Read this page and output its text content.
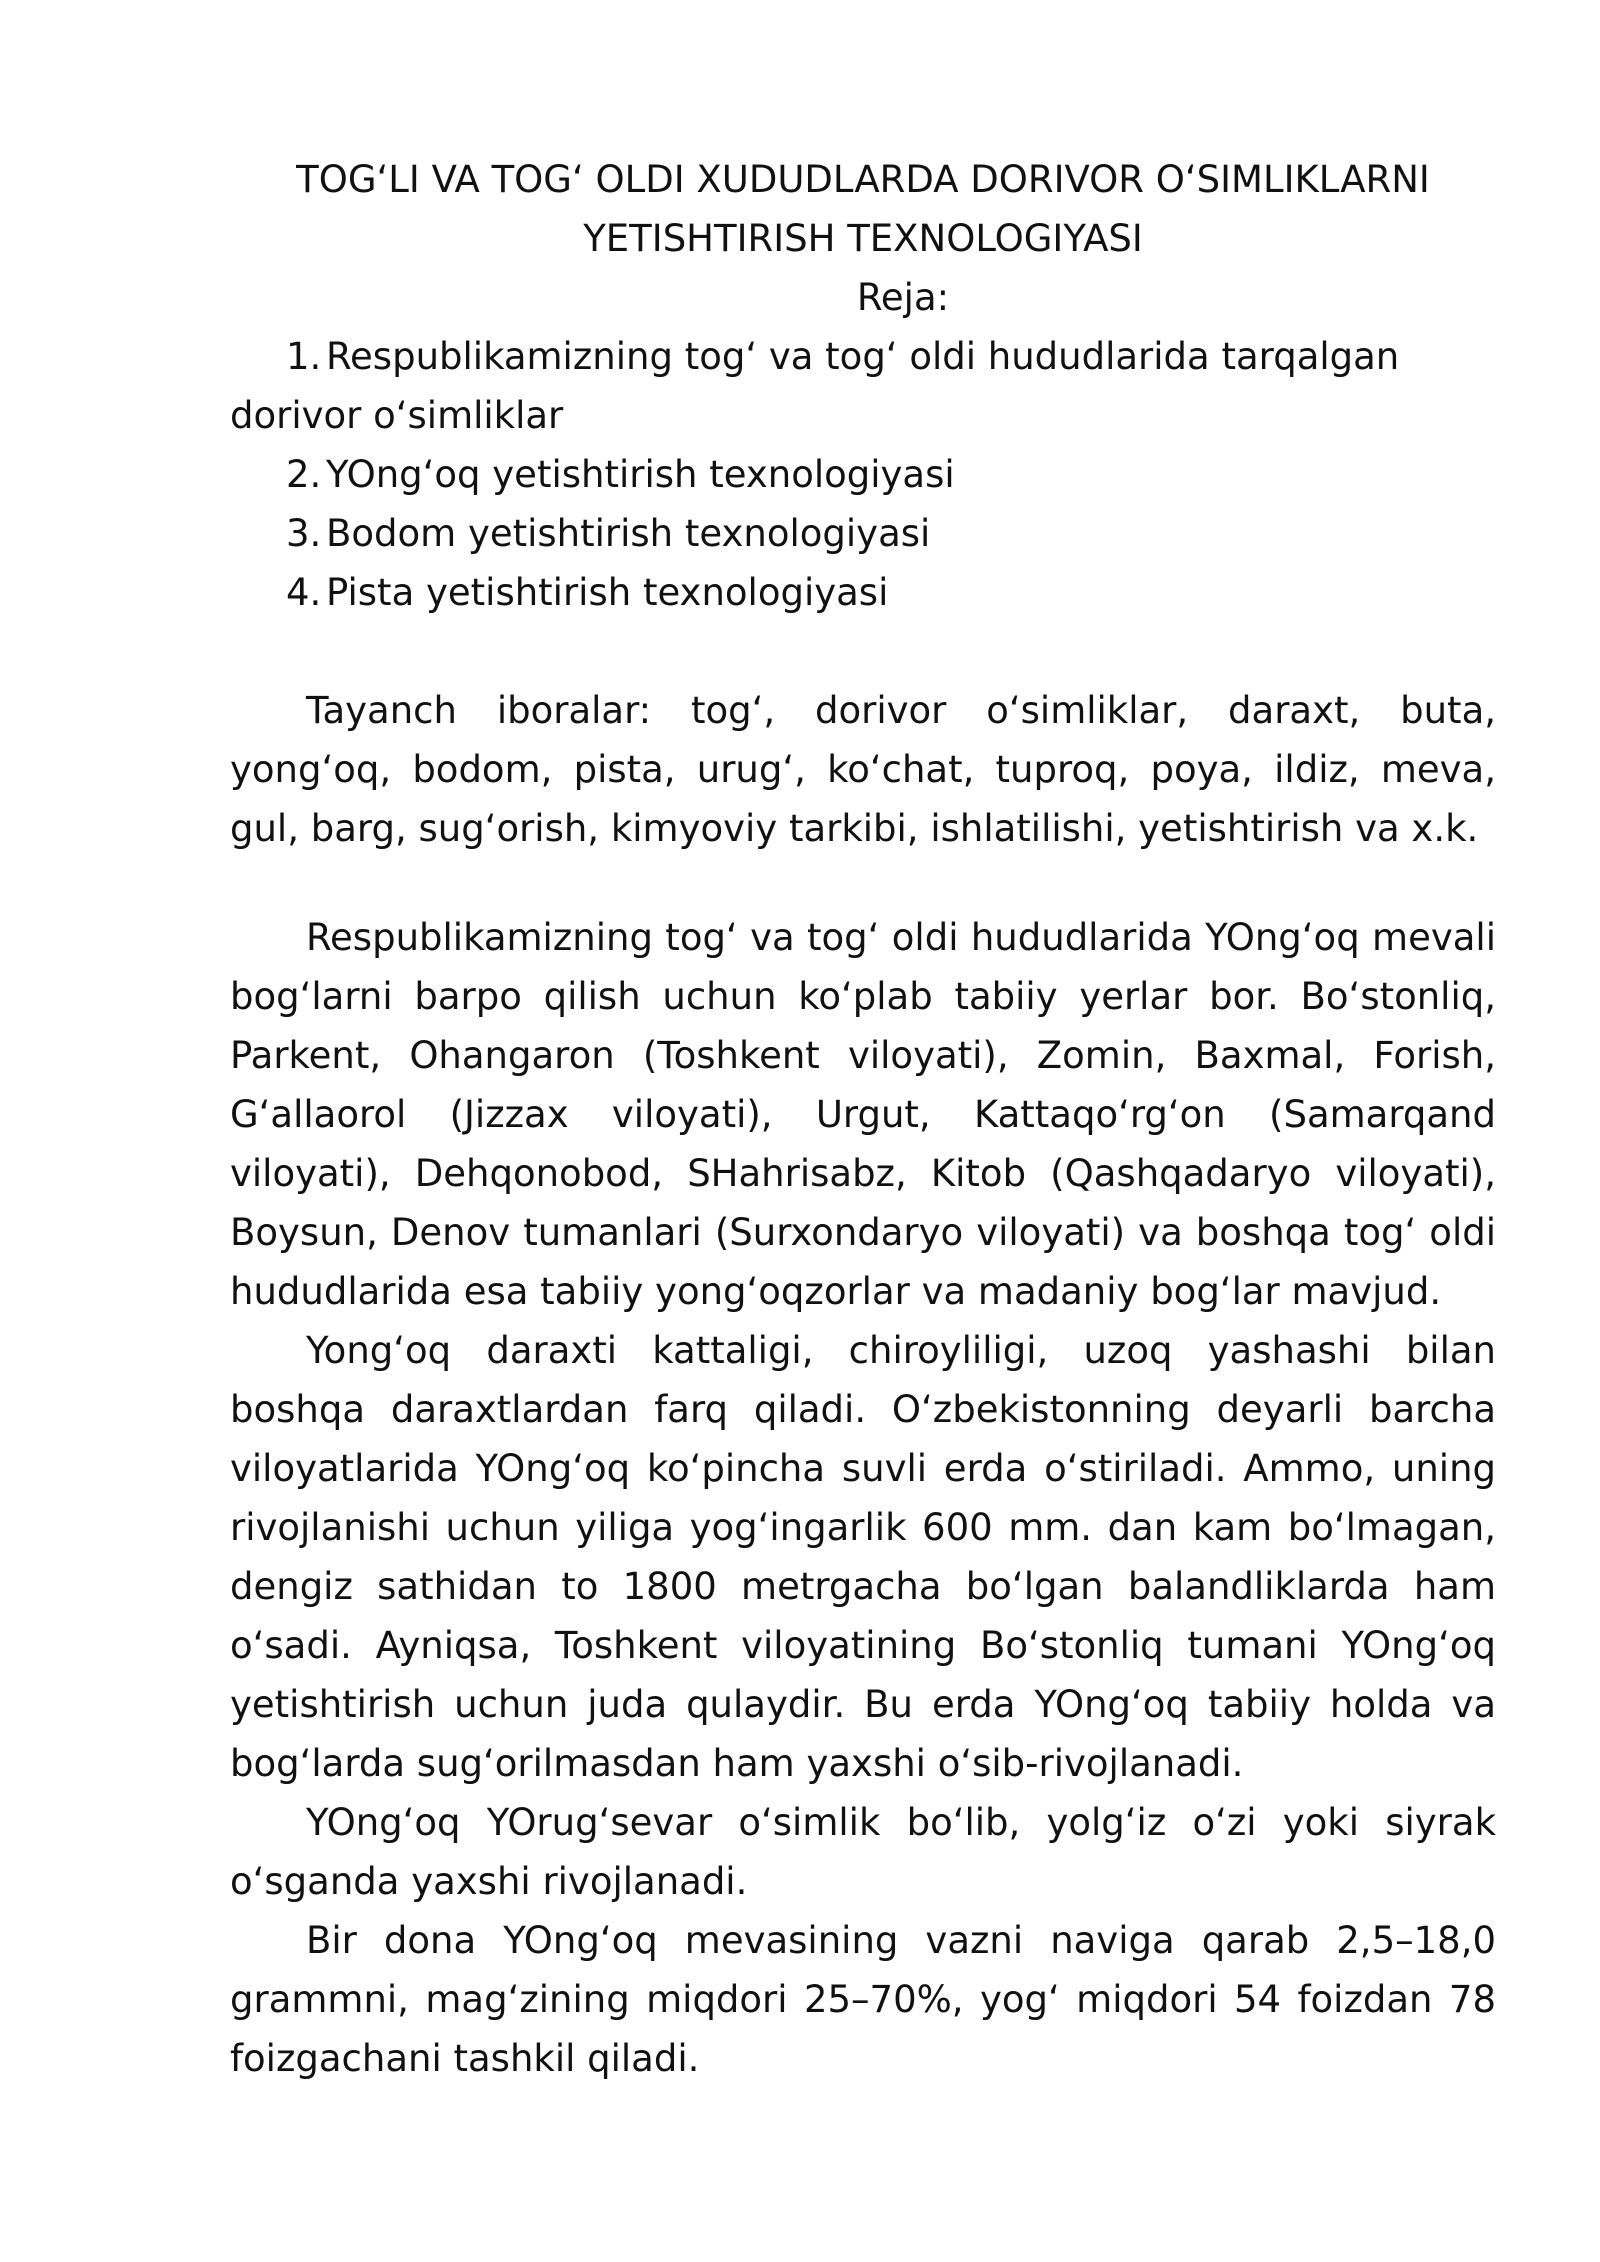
TOG‘LI VA TOG‘ OLDI XUDUDLARDA DORIVOR O‘SIMLIKLARNI
YETISHTIRISH TEXNOLOGIYASI

Reja:

1. Respublikamizning tog‘ va tog‘ oldi hududlarida tarqalgan dorivor o‘simliklar
2. YOng‘oq yetishtirish texnologiyasi
3. Bodom yetishtirish texnologiyasi
4. Pista yetishtirish texnologiyasi

Tayanch iboralar: tog‘, dorivor o‘simliklar, daraxt, buta, yong‘oq, bodom, pista, urug‘, ko‘chat, tuproq, poya, ildiz, meva, gul, barg, sug‘orish, kimyoviy tarkibi, ishlatilishi, yetishtirish va x.k.

Respublikamizning tog‘ va tog‘ oldi hududlarida YOng‘oq mevali bog‘larni barpo qilish uchun ko‘plab tabiiy yerlar bor. Bo‘stonliq, Parkent, Ohangaron (Toshkent viloyati), Zomin, Baxmal, Forish, G‘allaorol (Jizzax viloyati), Urgut, Kattaqo‘rg‘on (Samarqand viloyati), Dehqonobod, SHahrisabz, Kitob (Qashqadaryo viloyati), Boysun, Denov tumanlari (Surxondaryo viloyati) va boshqa tog‘ oldi hududlarida esa tabiiy yong‘oqzorlar va madaniy bog‘lar mavjud.

Yong‘oq daraxti kattaligi, chiroyliligi, uzoq yashashi bilan boshqa daraxtlardan farq qiladi. O‘zbekistonning deyarli barcha viloyatlarida YOng‘oq ko‘pincha suvli erda o‘stiriladi. Ammo, uning rivojlanishi uchun yiliga yog‘ingarlik 600 mm. dan kam bo‘lmagan, dengiz sathidan to 1800 metrgacha bo‘lgan balandliklarda ham o‘sadi. Ayniqsa, Toshkent viloyatining Bo‘stonliq tumani YOng‘oq yetishtirish uchun juda qulaydir. Bu erda YOng‘oq tabiiy holda va bog‘larda sug‘orilmasdan ham yaxshi o‘sib-rivojlanadi.

YOng‘oq YOrug‘sevar o‘simlik bo‘lib, yolg‘iz o‘zi yoki siyrak o‘sganda yaxshi rivojlanadi.

Bir dona YOng‘oq mevasining vazni naviga qarab 2,5–18,0 grammni, mag‘zining miqdori 25–70%, yog‘ miqdori 54 foizdan 78 foizgachani tashkil qiladi.
